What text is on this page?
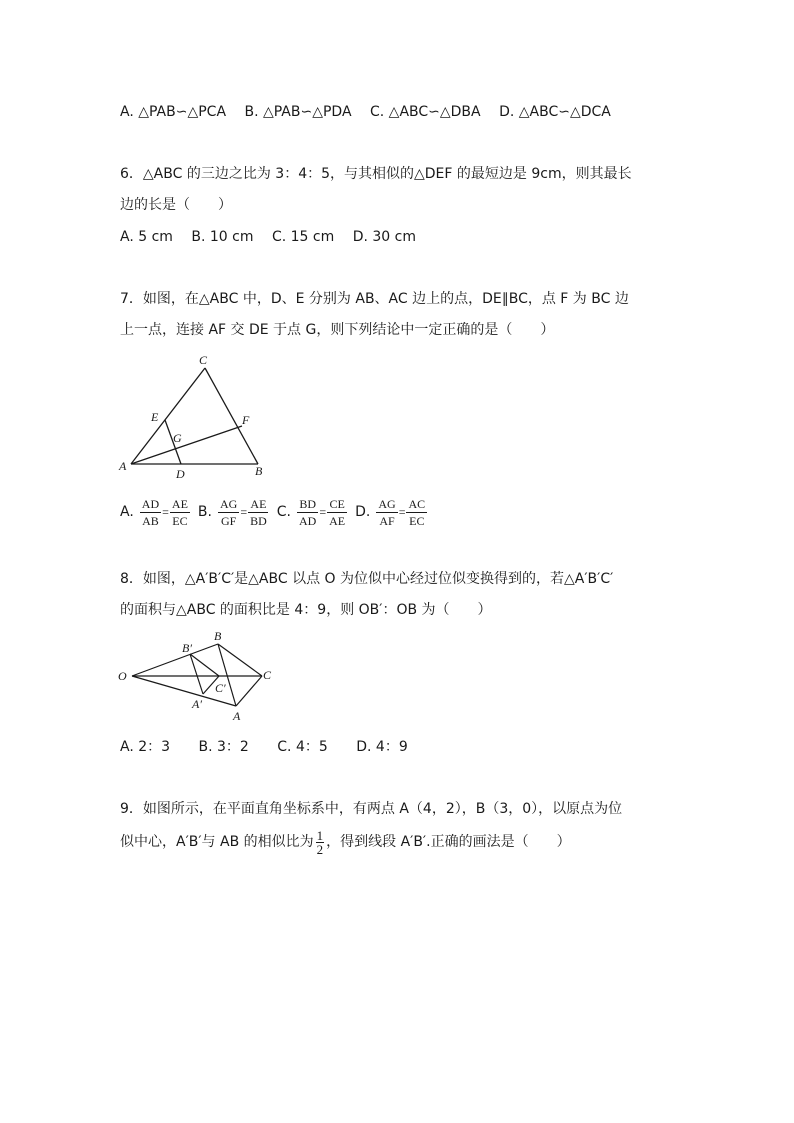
A. △PAB∽△PCA B. △PAB∽△PDA C. △ABC∽△DBA D. △ABC∽△DCA
6．△ABC 的三边之比为 3：4：5，与其相似的△DEF 的最短边是 9cm，则其最长
边的长是（　　）
A. 5 cm B. 10 cm C. 15 cm D. 30 cm
7．如图，在△ABC 中，D、E 分别为 AB、AC 边上的点，DE∥BC，点 F 为 BC 边
上一点，连接 AF 交 DE 于点 G，则下列结论中一定正确的是（　　）
C
E	F
G
A
D	B
A. $\frac{AD}{AB} = \frac{AE}{EC} B$. $\frac{AG}{GF} = \frac{AE}{BD} C$. $\frac{BD}{AD} = \frac{CE}{AE} D$. $\frac{AG}{AF} = \frac{AC}{EC}$
8．如图，△A′B′C′是△ABC 以点 O 为位似中心经过位似变换得到的，若△A′B′C′
的面积与△ABC 的面积比是 4：9，则 OB′：OB 为（　　）
O
B′
B
C
C′
A′
A
A. 2：3 B. 3：2 C. 4：5 D. 4：9
9．如图所示，在平面直角坐标系中，有两点 A（4，2），B（3，0），以原点为位
似中心，A′B′与 AB 的相似比为 $\frac{1}{2}$ ，得到线段 A′B′.正确的画法是（　　）
